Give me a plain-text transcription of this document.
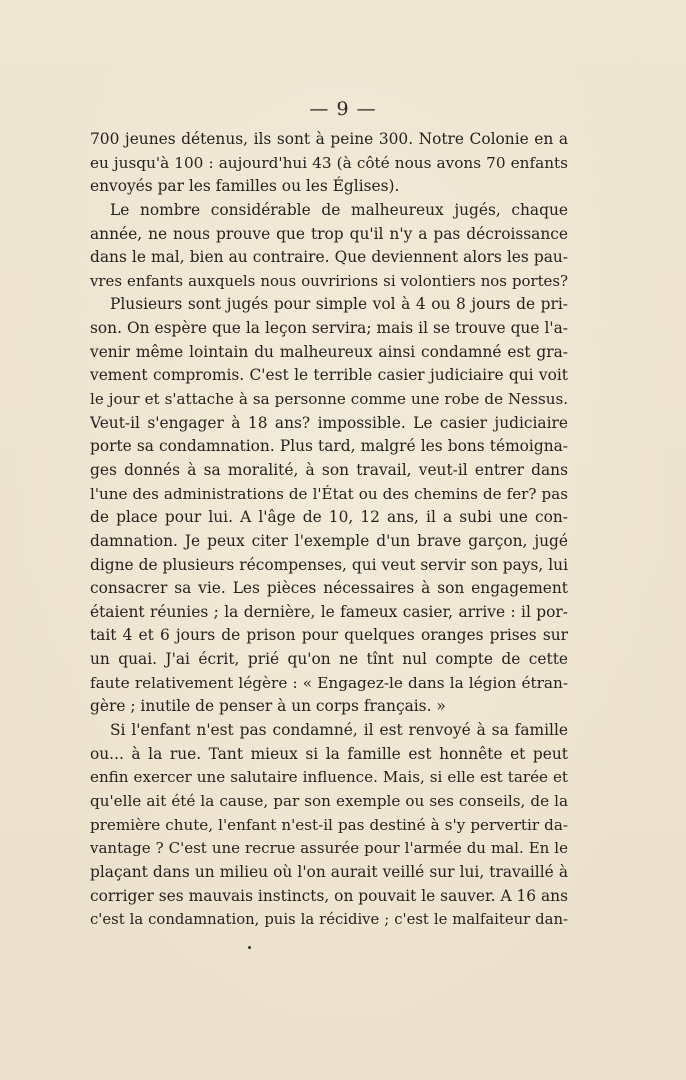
— 9 —
700 jeunes détenus, ils sont à peine 300. Notre Colonie en a
eu jusqu'à 100 : aujourd'hui 43 (à côté nous avons 70 enfants
envoyés par les familles ou les Églises).
Le nombre considérable de malheureux jugés, chaque
année, ne nous prouve que trop qu'il n'y a pas décroissance
dans le mal, bien au contraire. Que deviennent alors les pau-
vres enfants auxquels nous ouvririons si volontiers nos portes?
Plusieurs sont jugés pour simple vol à 4 ou 8 jours de pri-
son. On espère que la leçon servira; mais il se trouve que l'a-
venir même lointain du malheureux ainsi condamné est gra-
vement compromis. C'est le terrible casier judiciaire qui voit
le jour et s'attache à sa personne comme une robe de Nessus.
Veut-il s'engager à 18 ans? impossible. Le casier judiciaire
porte sa condamnation. Plus tard, malgré les bons témoigna-
ges donnés à sa moralité, à son travail, veut-il entrer dans
l'une des administrations de l'État ou des chemins de fer? pas
de place pour lui. A l'âge de 10, 12 ans, il a subi une con-
damnation. Je peux citer l'exemple d'un brave garçon, jugé
digne de plusieurs récompenses, qui veut servir son pays, lui
consacrer sa vie. Les pièces nécessaires à son engagement
étaient réunies ; la dernière, le fameux casier, arrive : il por-
tait 4 et 6 jours de prison pour quelques oranges prises sur
un quai. J'ai écrit, prié qu'on ne tînt nul compte de cette
faute relativement légère : « Engagez-le dans la légion étran-
gère ; inutile de penser à un corps français. »
Si l'enfant n'est pas condamné, il est renvoyé à sa famille
ou... à la rue. Tant mieux si la famille est honnête et peut
enfin exercer une salutaire influence. Mais, si elle est tarée et
qu'elle ait été la cause, par son exemple ou ses conseils, de la
première chute, l'enfant n'est-il pas destiné à s'y pervertir da-
vantage ? C'est une recrue assurée pour l'armée du mal. En le
plaçant dans un milieu où l'on aurait veillé sur lui, travaillé à
corriger ses mauvais instincts, on pouvait le sauver. A 16 ans
c'est la condamnation, puis la récidive ; c'est le malfaiteur dan-
